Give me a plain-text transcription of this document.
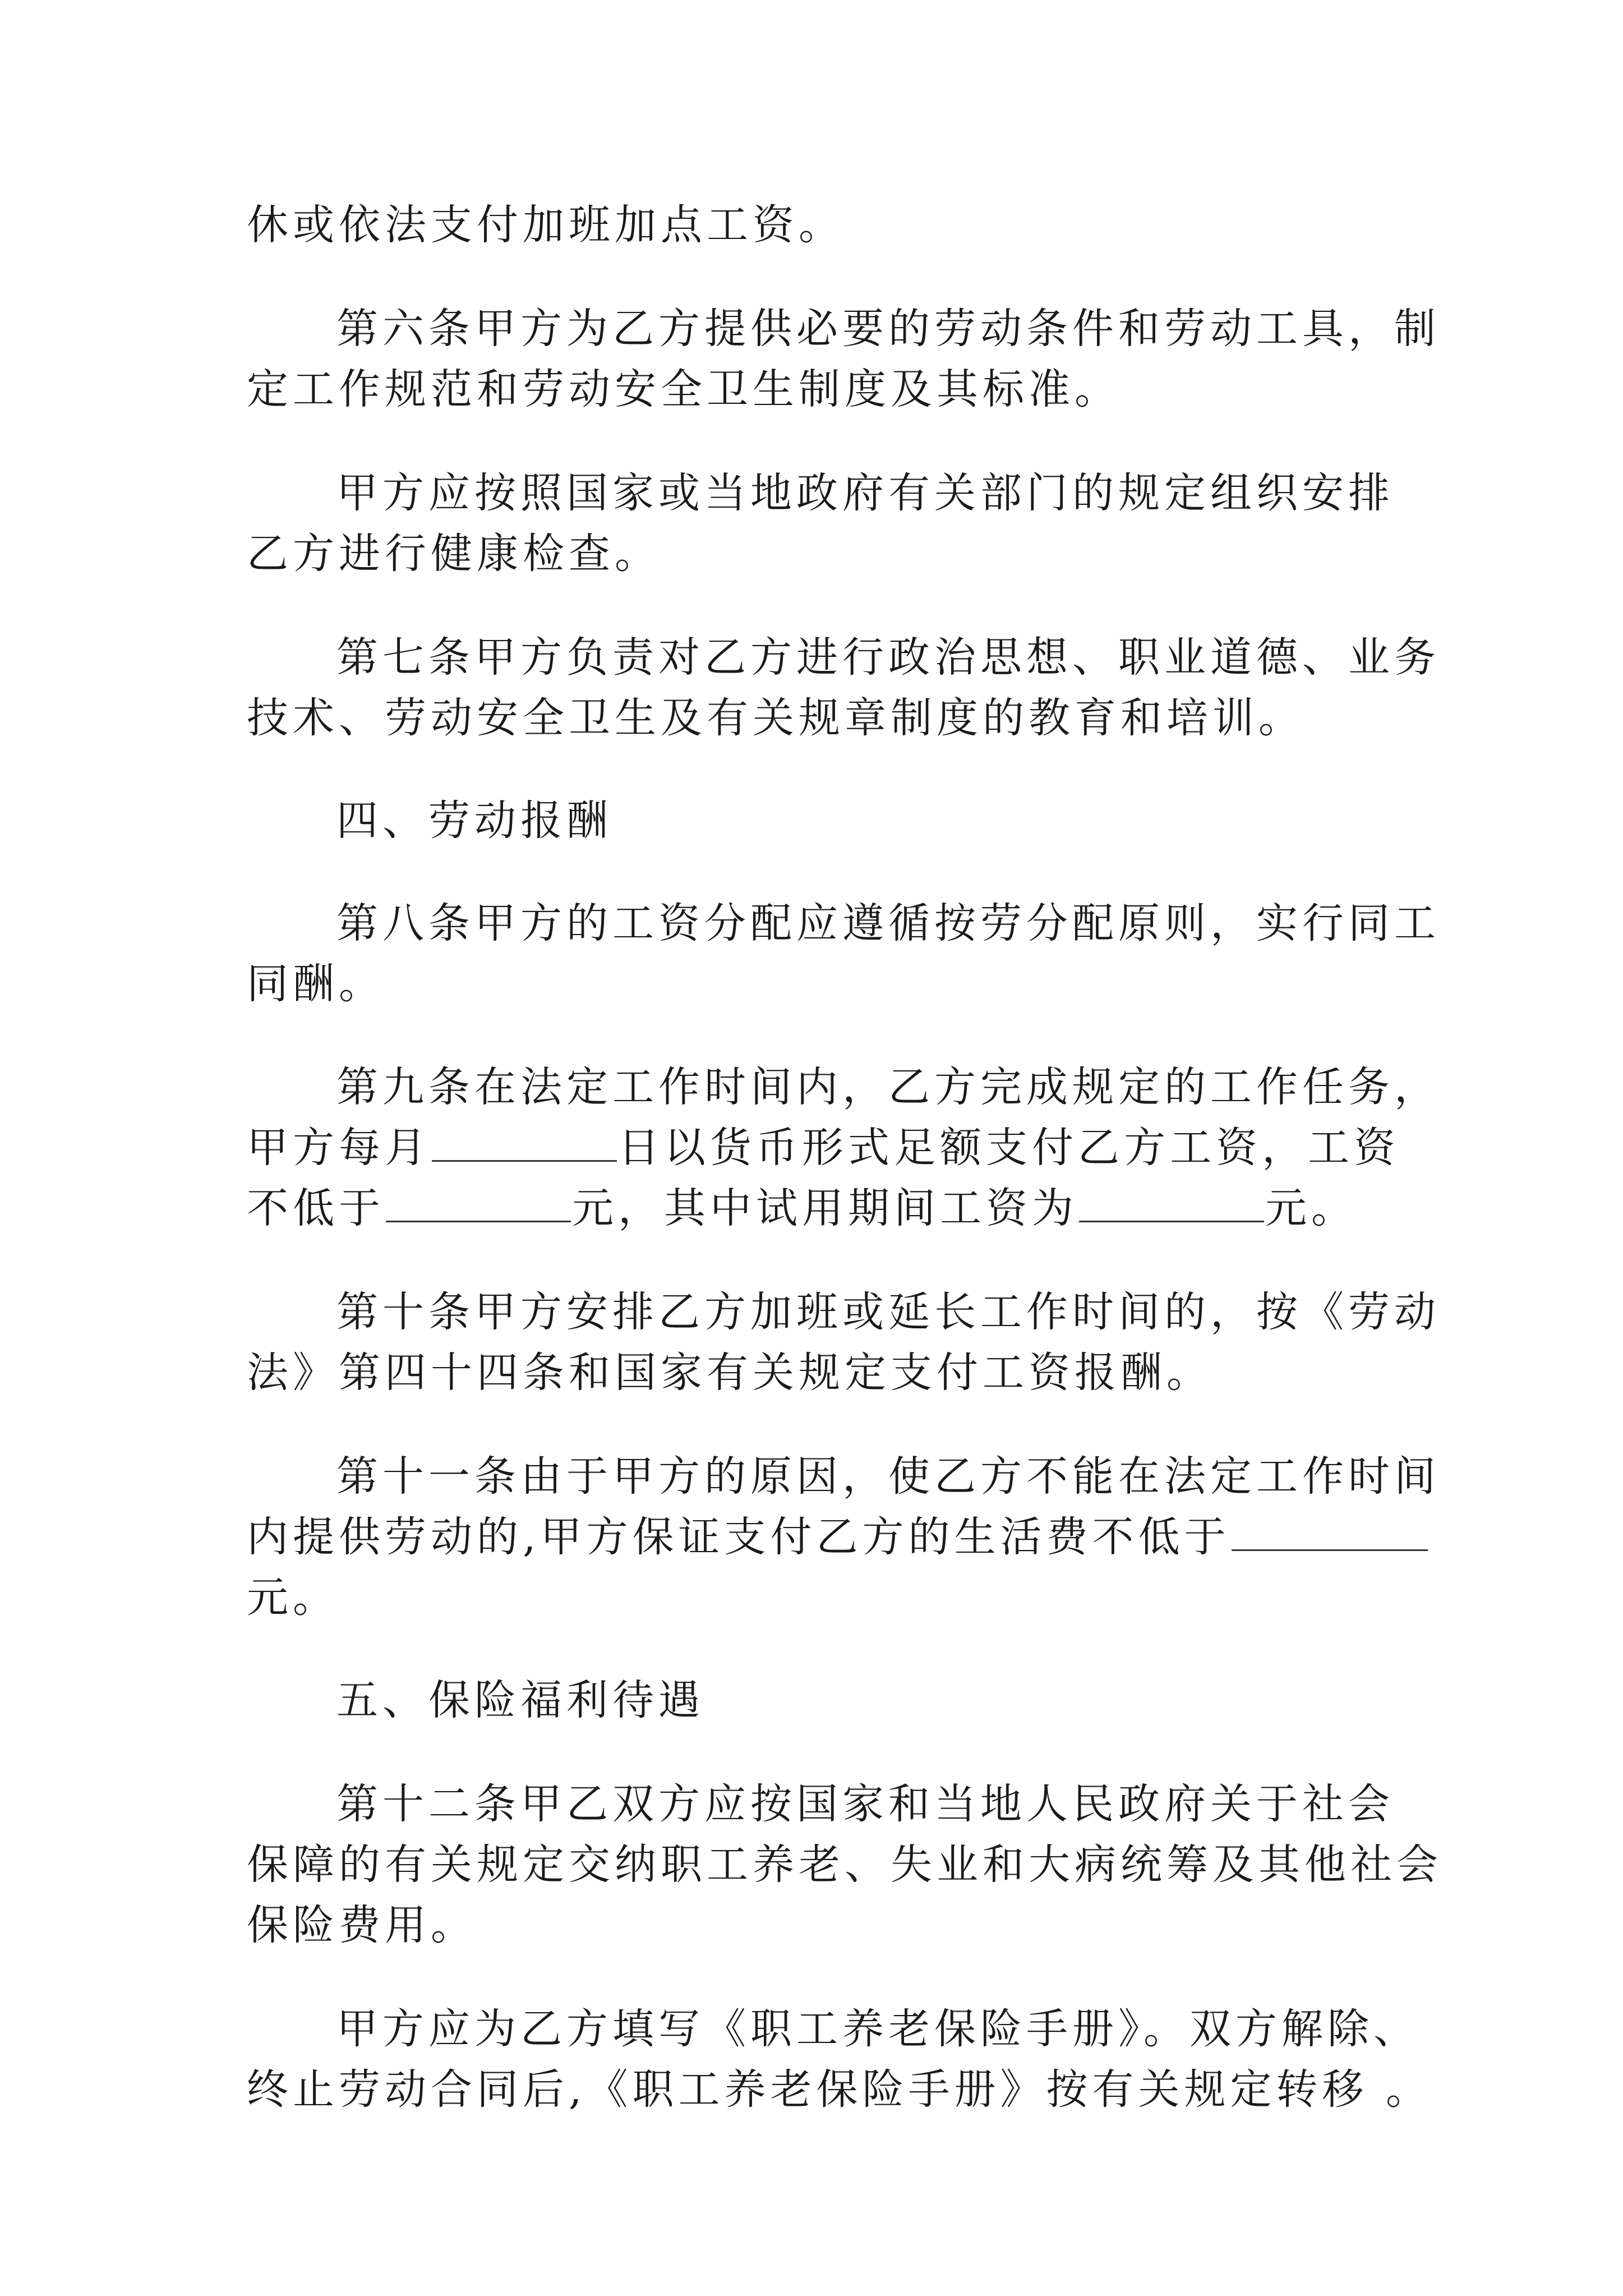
休或依法支付加班加点工资。
第六条甲方为乙方提供必要的劳动条件和劳动工具，制
定工作规范和劳动安全卫生制度及其标准。
甲方应按照国家或当地政府有关部门的规定组织安排
乙方进行健康检查。
第七条甲方负责对乙方进行政治思想、职业道德、业务
技术、劳动安全卫生及有关规章制度的教育和培训。
四、劳动报酬
第八条甲方的工资分配应遵循按劳分配原则，实行同工
同酬。
第九条在法定工作时间内，乙方完成规定的工作任务，
甲方每月	日以货币形式足额支付乙方工资，工资
不低于	元，其中试用期间工资为	元。
第十条甲方安排乙方加班或延长工作时间的，按《劳动
法》第四十四条和国家有关规定支付工资报酬。
第十一条由于甲方的原因，使乙方不能在法定工作时间
内提供劳动的,甲方保证支付乙方的生活费不低于
元。
五、保险福利待遇
第十二条甲乙双方应按国家和当地人民政府关于社会
保障的有关规定交纳职工养老、失业和大病统筹及其他社会
保险费用。
甲方应为乙方填写《职工养老保险手册》。双方解除、
终止劳动合同后,《职工养老保险手册》按有关规定转移 。
